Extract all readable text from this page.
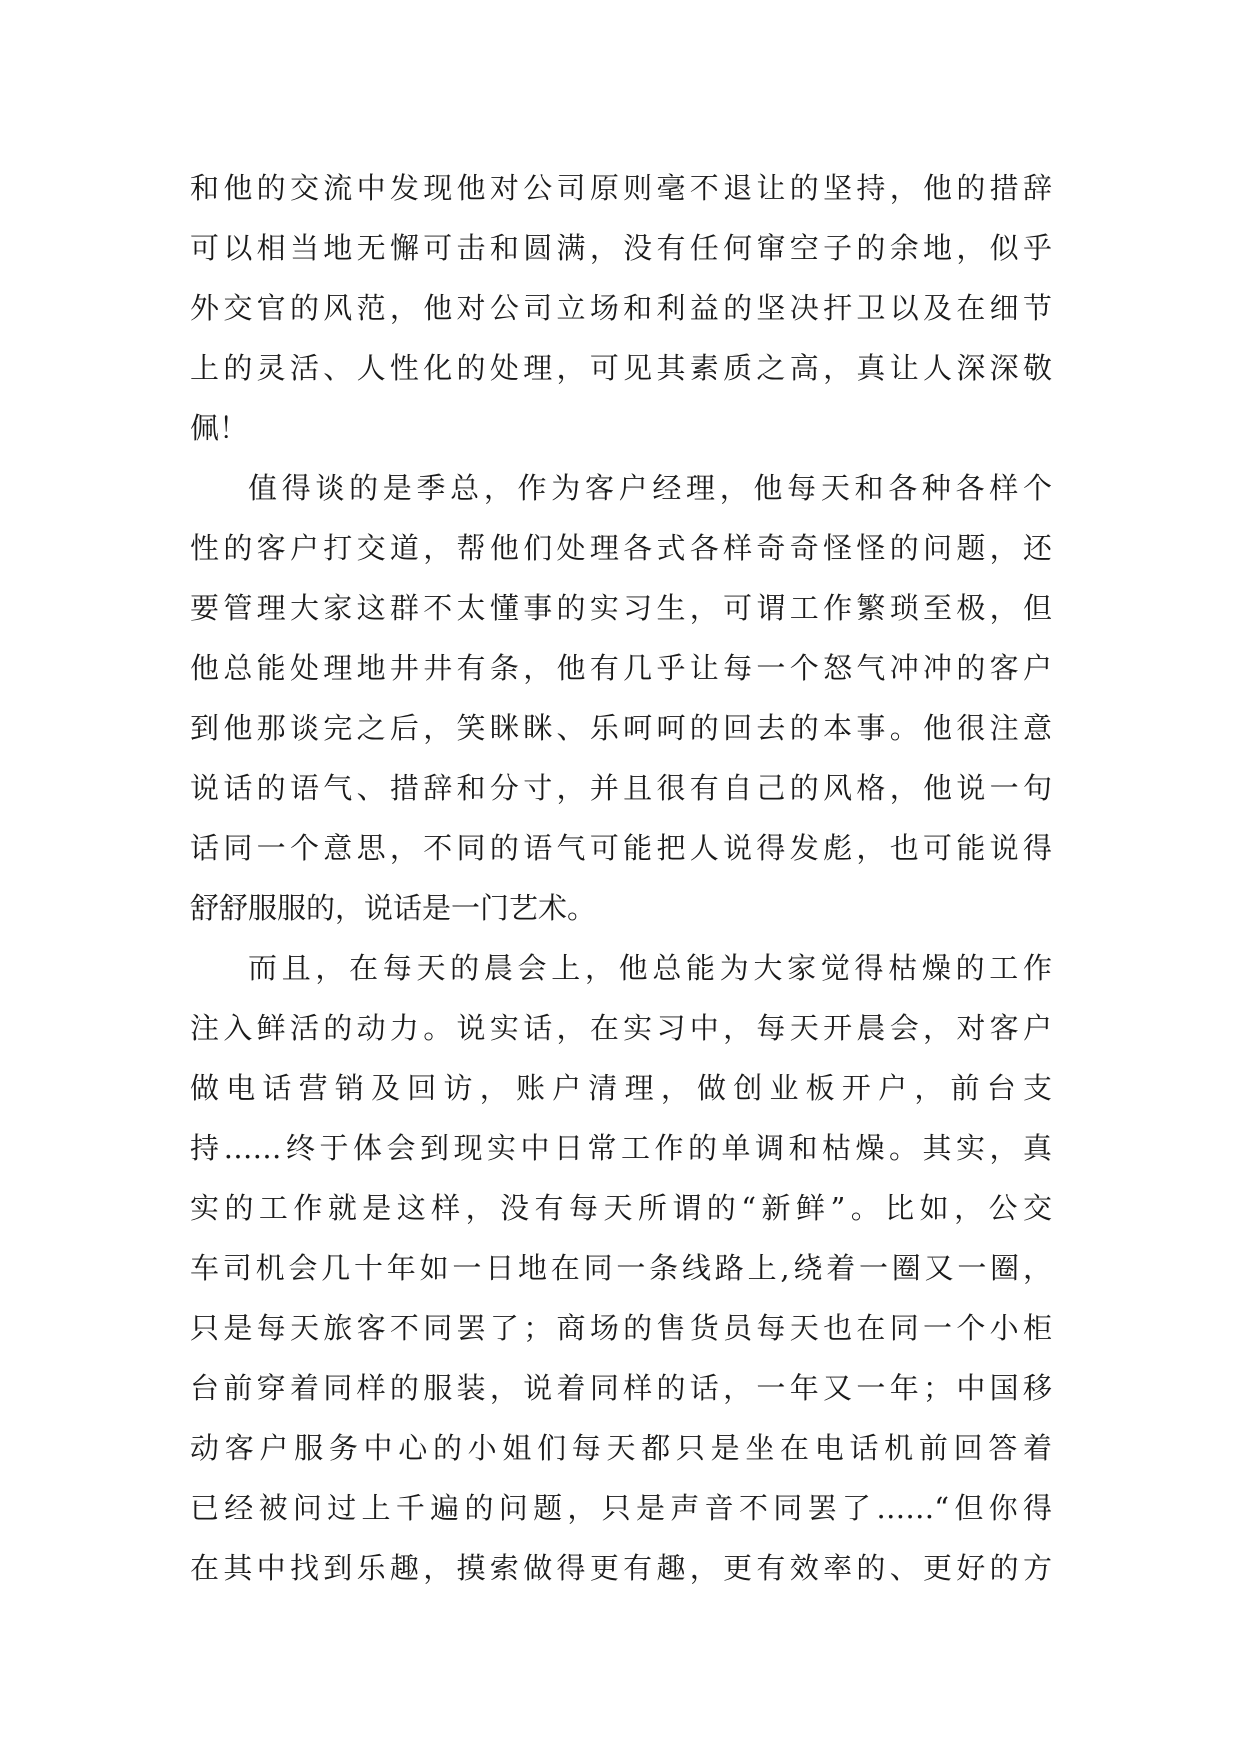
和他的交流中发现他对公司原则毫不退让的坚持，他的措辞
可以相当地无懈可击和圆满，没有任何窜空子的余地，似乎
外交官的风范，他对公司立场和利益的坚决扞卫以及在细节
上的灵活、人性化的处理，可见其素质之高，真让人深深敬
佩！
值得谈的是季总，作为客户经理，他每天和各种各样个
性的客户打交道，帮他们处理各式各样奇奇怪怪的问题，还
要管理大家这群不太懂事的实习生，可谓工作繁琐至极，但
他总能处理地井井有条，他有几乎让每一个怒气冲冲的客户
到他那谈完之后，笑眯眯、乐呵呵的回去的本事。他很注意
说话的语气、措辞和分寸，并且很有自己的风格，他说一句
话同一个意思，不同的语气可能把人说得发彪，也可能说得
舒舒服服的，说话是一门艺术。
而且，在每天的晨会上，他总能为大家觉得枯燥的工作
注入鲜活的动力。说实话，在实习中，每天开晨会，对客户
做电话营销及回访，账户清理，做创业板开户，前台支
持……终于体会到现实中日常工作的单调和枯燥。其实，真
实的工作就是这样，没有每天所谓的“新鲜”。比如，公交
车司机会几十年如一日地在同一条线路上,绕着一圈又一圈，
只是每天旅客不同罢了；商场的售货员每天也在同一个小柜
台前穿着同样的服装，说着同样的话，一年又一年；中国移
动客户服务中心的小姐们每天都只是坐在电话机前回答着
已经被问过上千遍的问题，只是声音不同罢了……“但你得
在其中找到乐趣，摸索做得更有趣，更有效率的、更好的方
